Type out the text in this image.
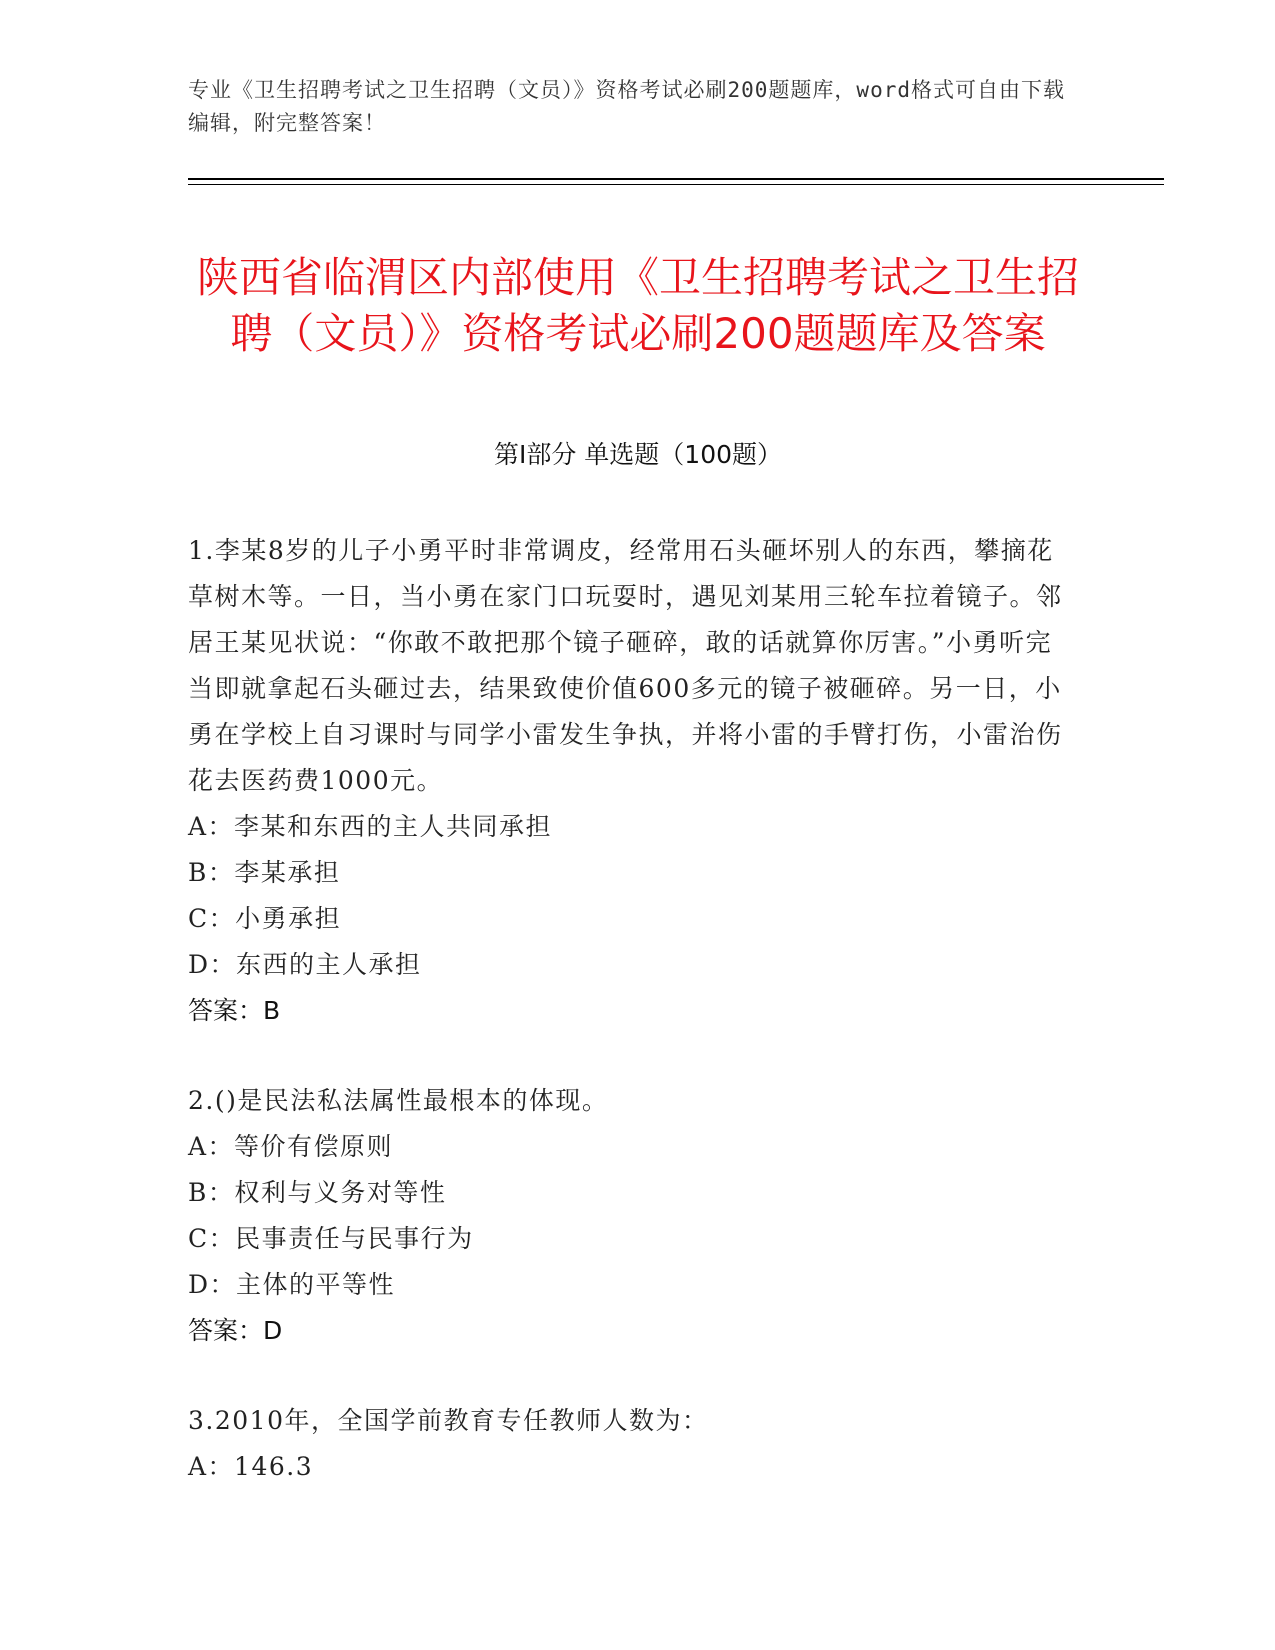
专业《卫生招聘考试之卫生招聘（文员）》资格考试必刷200题题库，word格式可自由下载编辑，附完整答案！
陕西省临渭区内部使用《卫生招聘考试之卫生招聘（文员）》资格考试必刷200题题库及答案
第Ⅰ部分 单选题（100题）

1.李某8岁的儿子小勇平时非常调皮，经常用石头砸坏别人的东西，攀摘花草树木等。一日，当小勇在家门口玩耍时，遇见刘某用三轮车拉着镜子。邻居王某见状说：“你敢不敢把那个镜子砸碎，敢的话就算你厉害。”小勇听完当即就拿起石头砸过去，结果致使价值600多元的镜子被砸碎。另一日，小勇在学校上自习课时与同学小雷发生争执，并将小雷的手臂打伤，小雷治伤花去医药费1000元。

A：李某和东西的主人共同承担

B：李某承担

C：小勇承担

D：东西的主人承担

答案：B

2.()是民法私法属性最根本的体现。

A：等价有偿原则

B：权利与义务对等性

C：民事责任与民事行为

D：主体的平等性

答案：D

3.2010年，全国学前教育专任教师人数为：

A：146.3
